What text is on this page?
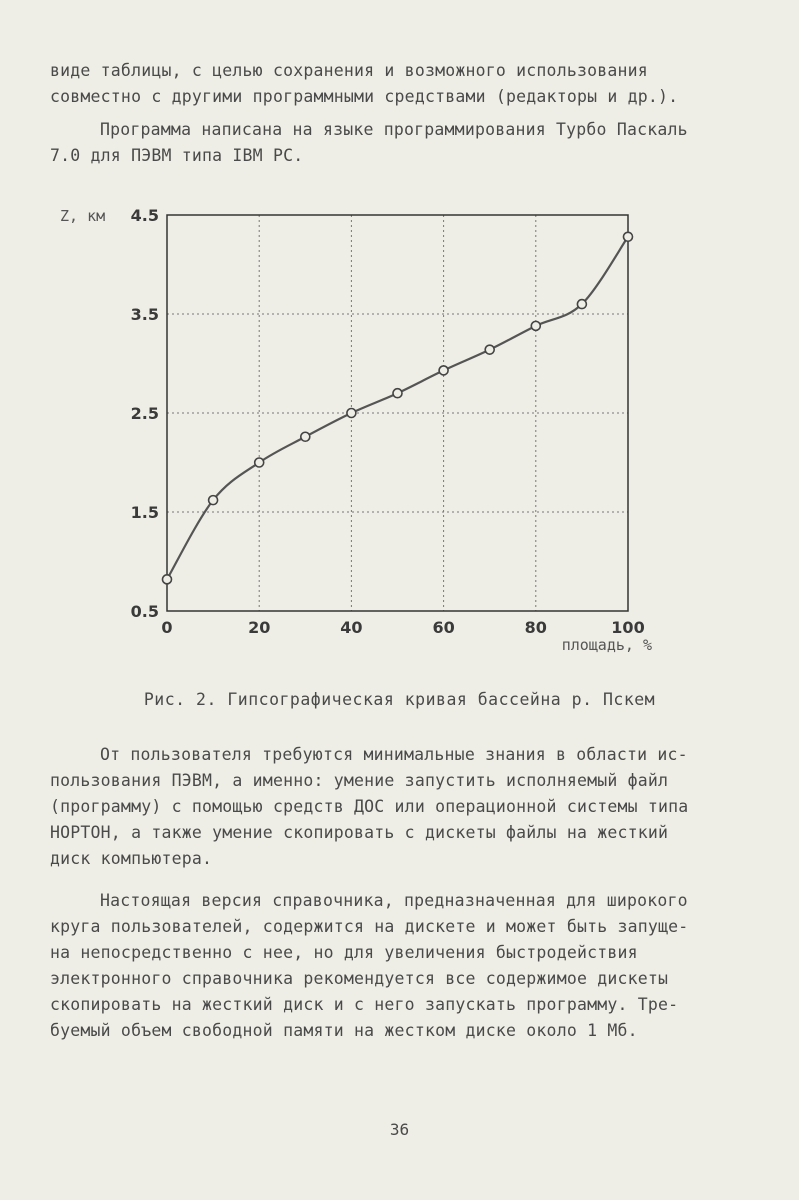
виде таблицы, с целью сохранения и возможного использования
совместно с другими программными средствами (редакторы и др.).
Программа написана на языке программирования Турбо Паскаль
7.0 для ПЭВМ типа IBM PC.
0	20	40	60	80	100
0.5
1.5
2.5
3.5
4.5
Z, км
площадь, %
Рис. 2. Гипсографическая кривая бассейна р. Пскем
От пользователя требуются минимальные знания в области ис-
пользования ПЭВМ, а именно: умение запустить исполняемый файл
(программу) с помощью средств ДОС или операционной системы типа
НОРТОН, а также умение скопировать с дискеты файлы на жесткий
диск компьютера.
Настоящая версия справочника, предназначенная для широкого
круга пользователей, содержится на дискете и может быть запуще-
на непосредственно с нее, но для увеличения быстродействия
электронного справочника рекомендуется все содержимое дискеты
скопировать на жесткий диск и с него запускать программу. Тре-
буемый объем свободной памяти на жестком диске около 1 Мб.
36
